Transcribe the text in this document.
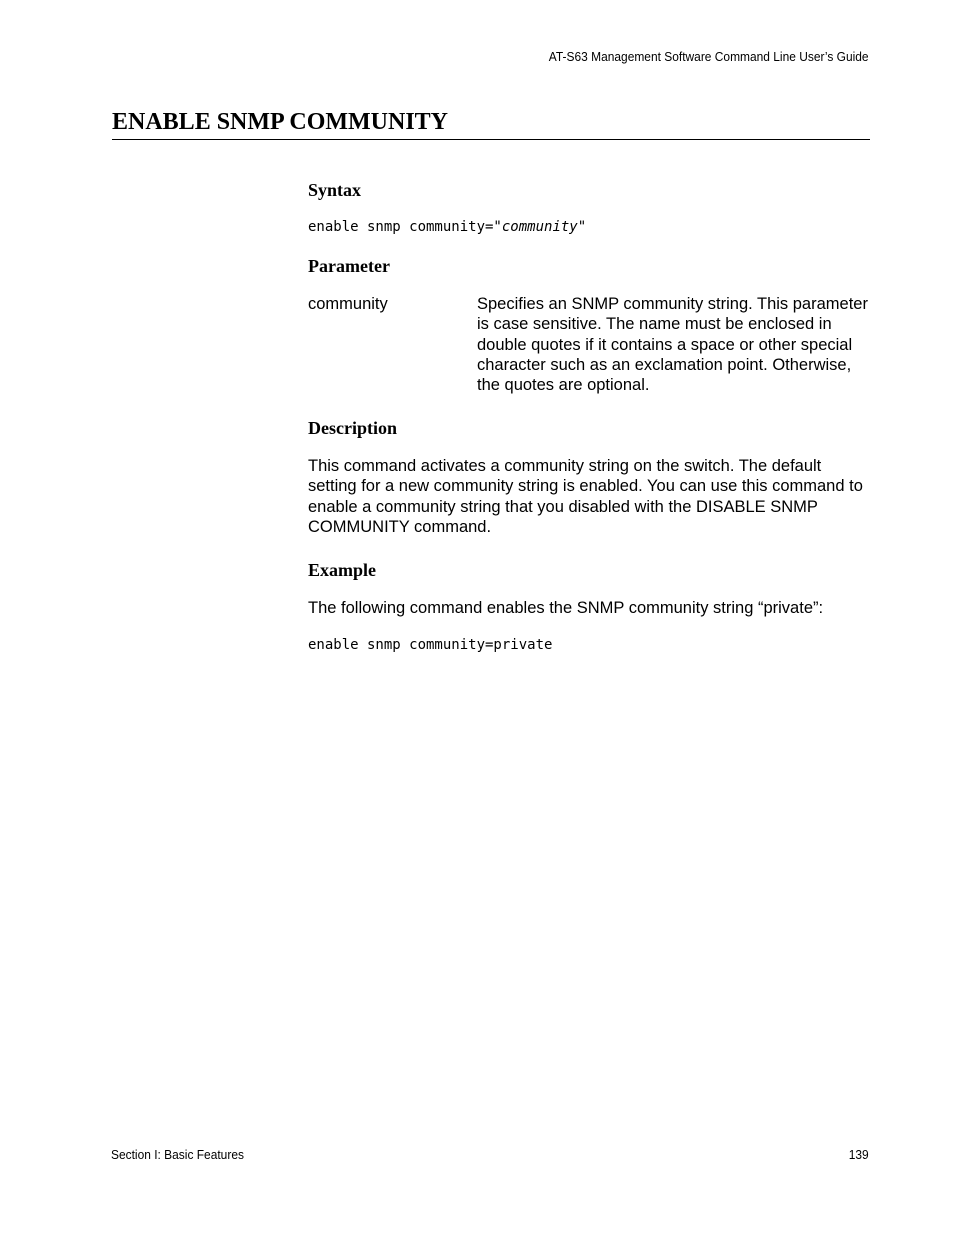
AT-S63 Management Software Command Line User’s Guide
ENABLE SNMP COMMUNITY
Syntax
enable snmp community="community"
Parameter
community	Specifies an SNMP community string. This parameter is case sensitive. The name must be enclosed in double quotes if it contains a space or other special character such as an exclamation point. Otherwise, the quotes are optional.

Description

This command activates a community string on the switch. The default setting for a new community string is enabled. You can use this command to enable a community string that you disabled with the DISABLE SNMP COMMUNITY command.

Example

The following command enables the SNMP community string “private”:

enable snmp community=private
Section I: Basic Features	139
